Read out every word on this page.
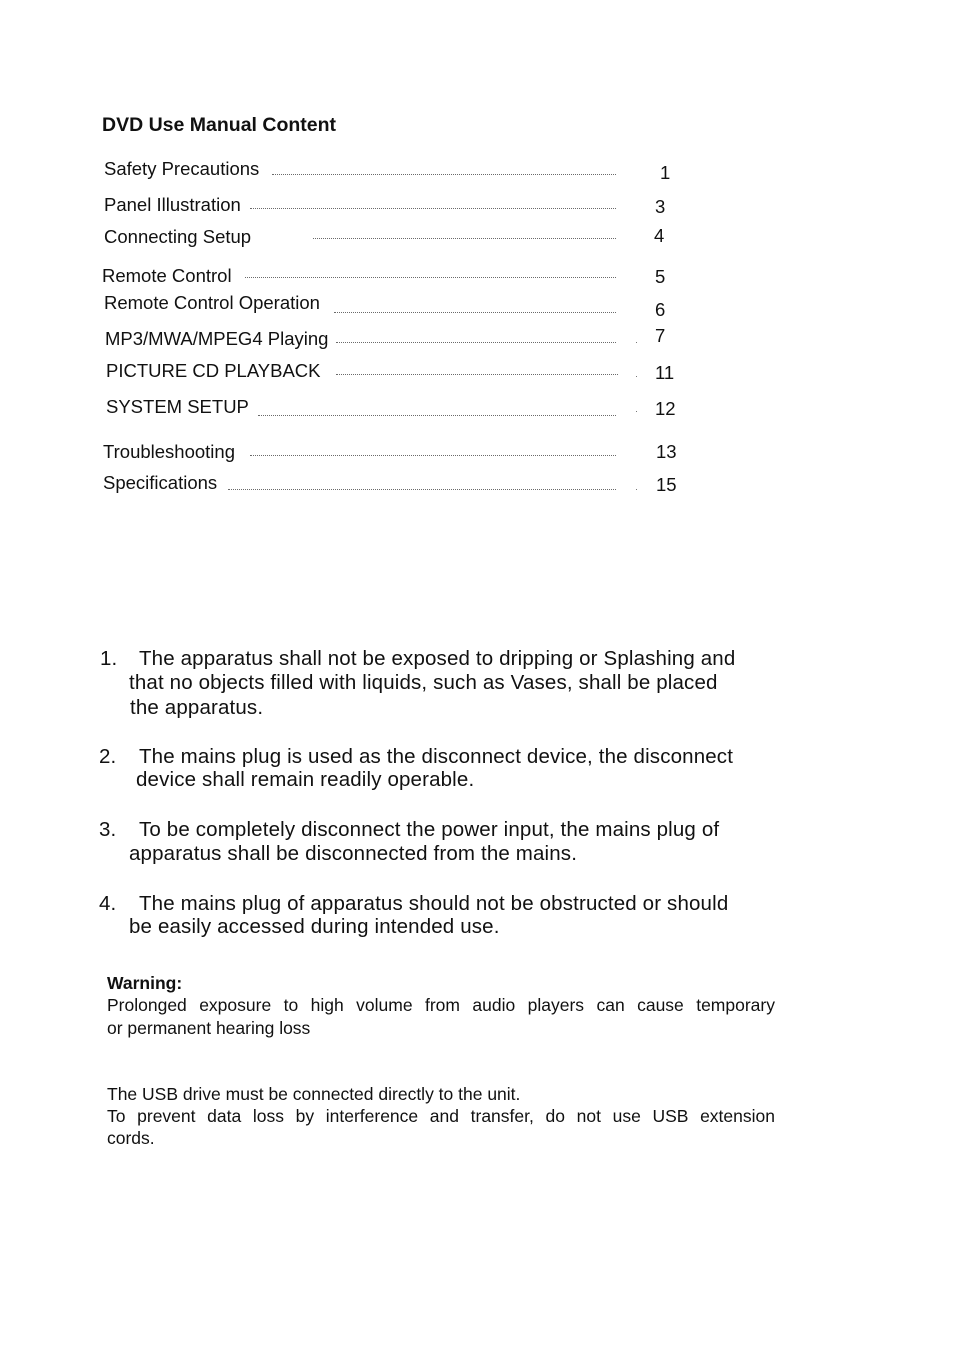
DVD Use Manual Content
Safety Precautions	1
Panel Illustration	3
Connecting Setup	4
Remote Control	5
Remote Control Operation	6
MP3/MWA/MPEG4 Playing	7
PICTURE CD PLAYBACK	11
SYSTEM SETUP	12
Troubleshooting	13
Specifications	15
1. The apparatus shall not be exposed to dripping or Splashing and
that no objects filled with liquids, such as Vases, shall be placed
the apparatus.
2. The mains plug is used as the disconnect device, the disconnect
device shall remain readily operable.
3. To be completely disconnect the power input, the mains plug of
apparatus shall be disconnected from the mains.
4. The mains plug of apparatus should not be obstructed or should
be easily accessed during intended use.
Warning:
Prolonged exposure to high volume from audio players can cause temporary
or permanent hearing loss
The USB drive must be connected directly to the unit.
To prevent data loss by interference and transfer, do not use USB extension
cords.
